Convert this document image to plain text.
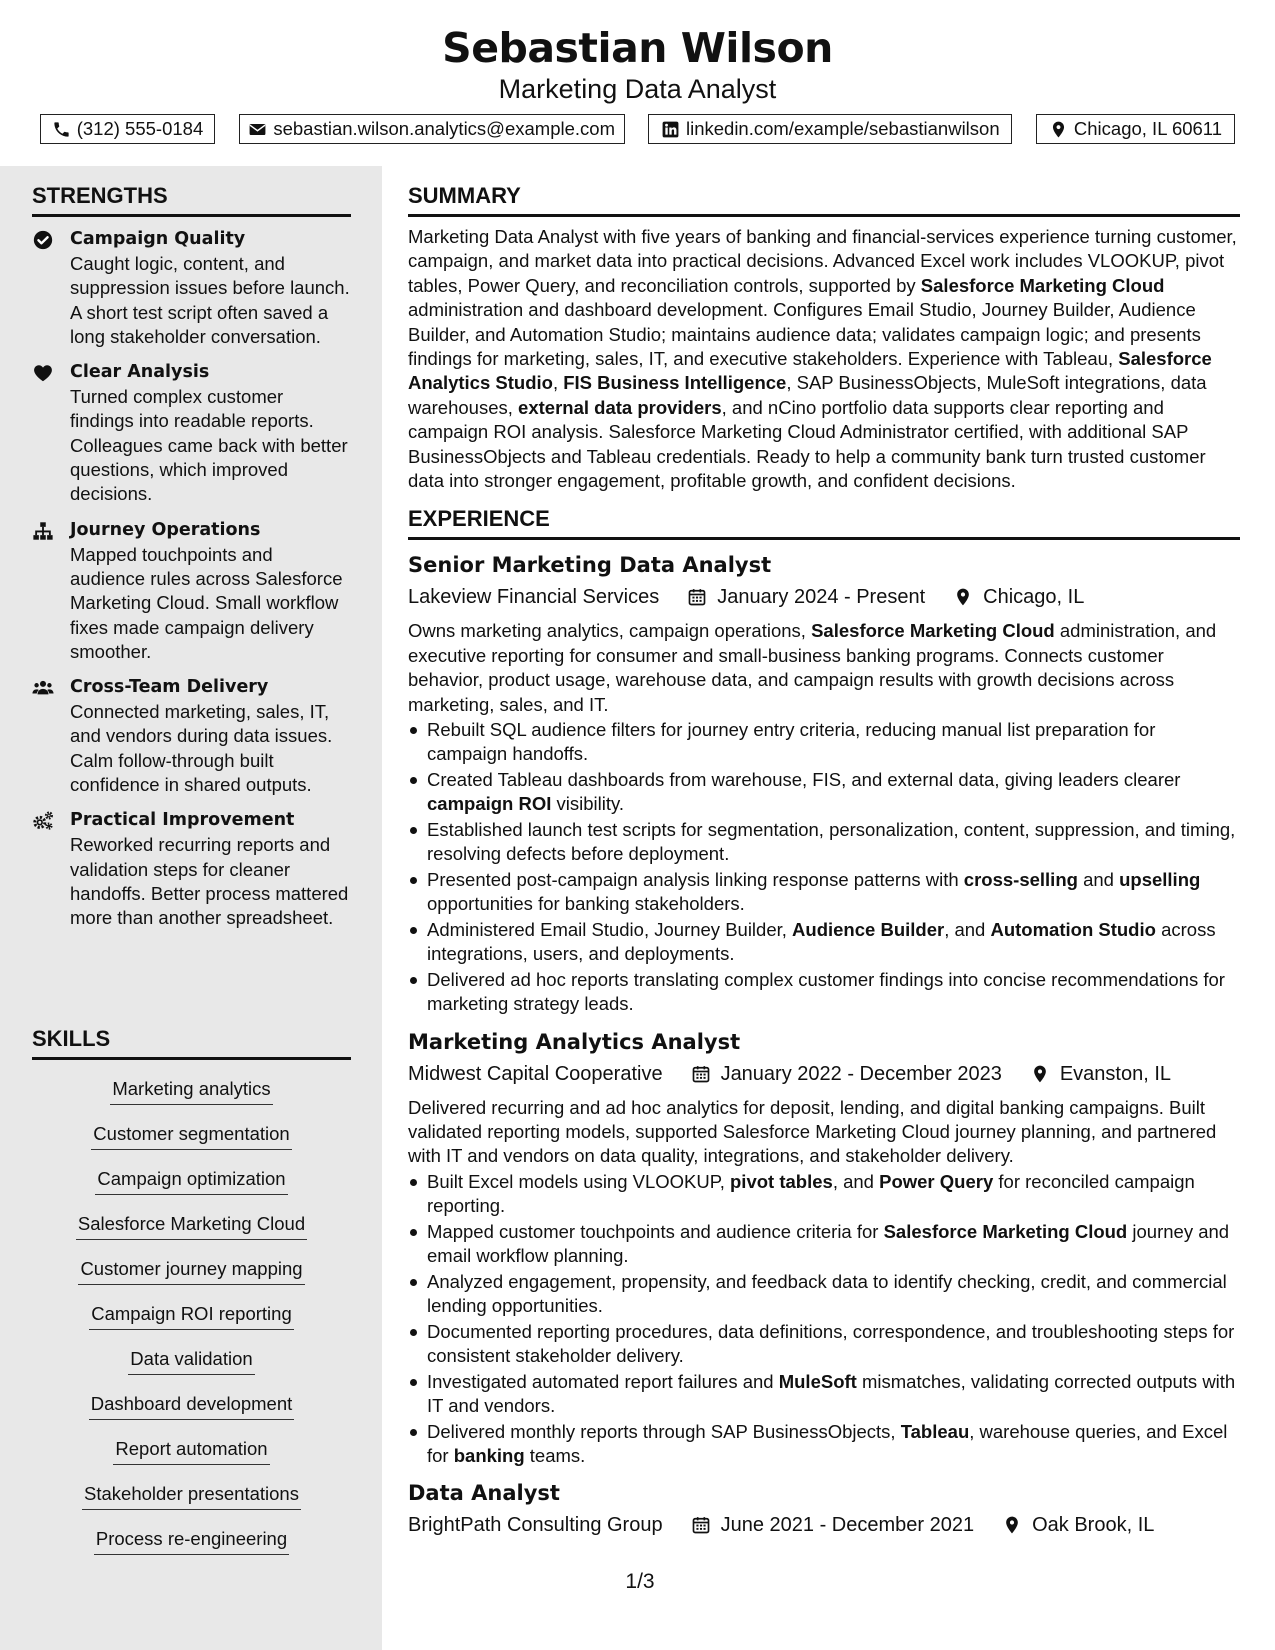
Sebastian Wilson
Marketing Data Analyst
(312) 555-0184	sebastian.wilson.analytics@example.com	linkedin.com/example/sebastianwilson	Chicago, IL 60611
STRENGTHS
Campaign Quality
Caught logic, content, and suppression issues before launch. A short test script often saved a long stakeholder conversation.
Clear Analysis
Turned complex customer findings into readable reports. Colleagues came back with better questions, which improved decisions.
Journey Operations
Mapped touchpoints and audience rules across Salesforce Marketing Cloud. Small workflow fixes made campaign delivery smoother.
Cross-Team Delivery
Connected marketing, sales, IT, and vendors during data issues. Calm follow-through built confidence in shared outputs.
Practical Improvement
Reworked recurring reports and validation steps for cleaner handoffs. Better process mattered more than another spreadsheet.
SKILLS
Marketing analytics
Customer segmentation
Campaign optimization
Salesforce Marketing Cloud
Customer journey mapping
Campaign ROI reporting
Data validation
Dashboard development
Report automation
Stakeholder presentations
Process re-engineering
SUMMARY
Marketing Data Analyst with five years of banking and financial-services experience turning customer, campaign, and market data into practical decisions. Advanced Excel work includes VLOOKUP, pivot tables, Power Query, and reconciliation controls, supported by Salesforce Marketing Cloud administration and dashboard development. Configures Email Studio, Journey Builder, Audience Builder, and Automation Studio; maintains audience data; validates campaign logic; and presents findings for marketing, sales, IT, and executive stakeholders. Experience with Tableau, Salesforce Analytics Studio, FIS Business Intelligence, SAP BusinessObjects, MuleSoft integrations, data warehouses, external data providers, and nCino portfolio data supports clear reporting and campaign ROI analysis. Salesforce Marketing Cloud Administrator certified, with additional SAP BusinessObjects and Tableau credentials. Ready to help a community bank turn trusted customer data into stronger engagement, profitable growth, and confident decisions.
EXPERIENCE
Senior Marketing Data Analyst
Lakeview Financial Services	January 2024 - Present	Chicago, IL
Owns marketing analytics, campaign operations, Salesforce Marketing Cloud administration, and executive reporting for consumer and small-business banking programs. Connects customer behavior, product usage, warehouse data, and campaign results with growth decisions across marketing, sales, and IT.
Rebuilt SQL audience filters for journey entry criteria, reducing manual list preparation for campaign handoffs.
Created Tableau dashboards from warehouse, FIS, and external data, giving leaders clearer campaign ROI visibility.
Established launch test scripts for segmentation, personalization, content, suppression, and timing, resolving defects before deployment.
Presented post-campaign analysis linking response patterns with cross-selling and upselling opportunities for banking stakeholders.
Administered Email Studio, Journey Builder, Audience Builder, and Automation Studio across integrations, users, and deployments.
Delivered ad hoc reports translating complex customer findings into concise recommendations for marketing strategy leads.
Marketing Analytics Analyst
Midwest Capital Cooperative	January 2022 - December 2023	Evanston, IL
Delivered recurring and ad hoc analytics for deposit, lending, and digital banking campaigns. Built validated reporting models, supported Salesforce Marketing Cloud journey planning, and partnered with IT and vendors on data quality, integrations, and stakeholder delivery.
Built Excel models using VLOOKUP, pivot tables, and Power Query for reconciled campaign reporting.
Mapped customer touchpoints and audience criteria for Salesforce Marketing Cloud journey and email workflow planning.
Analyzed engagement, propensity, and feedback data to identify checking, credit, and commercial lending opportunities.
Documented reporting procedures, data definitions, correspondence, and troubleshooting steps for consistent stakeholder delivery.
Investigated automated report failures and MuleSoft mismatches, validating corrected outputs with IT and vendors.
Delivered monthly reports through SAP BusinessObjects, Tableau, warehouse queries, and Excel for banking teams.
Data Analyst
BrightPath Consulting Group	June 2021 - December 2021	Oak Brook, IL
1/3
